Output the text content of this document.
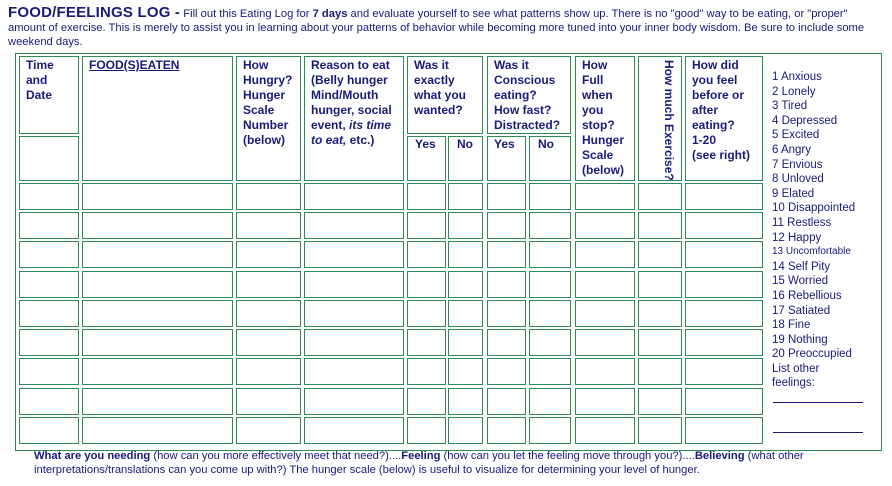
FOOD/FEELINGS LOG - Fill out this Eating Log for 7 days and evaluate yourself to see what patterns show up. There is no "good" way to be eating, or "proper" amount of exercise. This is merely to assist you in learning about your patterns of behavior while becoming more tuned into your inner body wisdom. Be sure to include some weekend days.
Time
and
Date
FOOD(S)EATEN	How
Hungry?
Hunger
Scale
Number
(below)
Reason to eat
(Belly hunger
Mind/Mouth
hunger, social
event, its time
to eat, etc.)
Was it
exactly
what you
wanted?
Was it
Conscious
eating?
How fast?
Distracted?
Yes No Yes No
How
Full
when
you
stop?
Hunger
Scale
(below)	How much Exercise? How did
you feel
before or
after
eating?
1-20
(see right)
1 Anxious
2 Lonely
3 Tired
4 Depressed
5 Excited
6 Angry
7 Envious
8 Unloved
9 Elated
10 Disappointed
11 Restless
12 Happy
13 Uncomfortable
14 Self Pity
15 Worried
16 Rebellious
17 Satiated
18 Fine
19 Nothing
20 Preoccupied
List other
feelings:
What are you needing (how can you more effectively meet that need?)....Feeling (how can you let the feeling move through you?)....Believing (what other interpretations/translations can you come up with?) The hunger scale (below) is useful to visualize for determining your level of hunger.
